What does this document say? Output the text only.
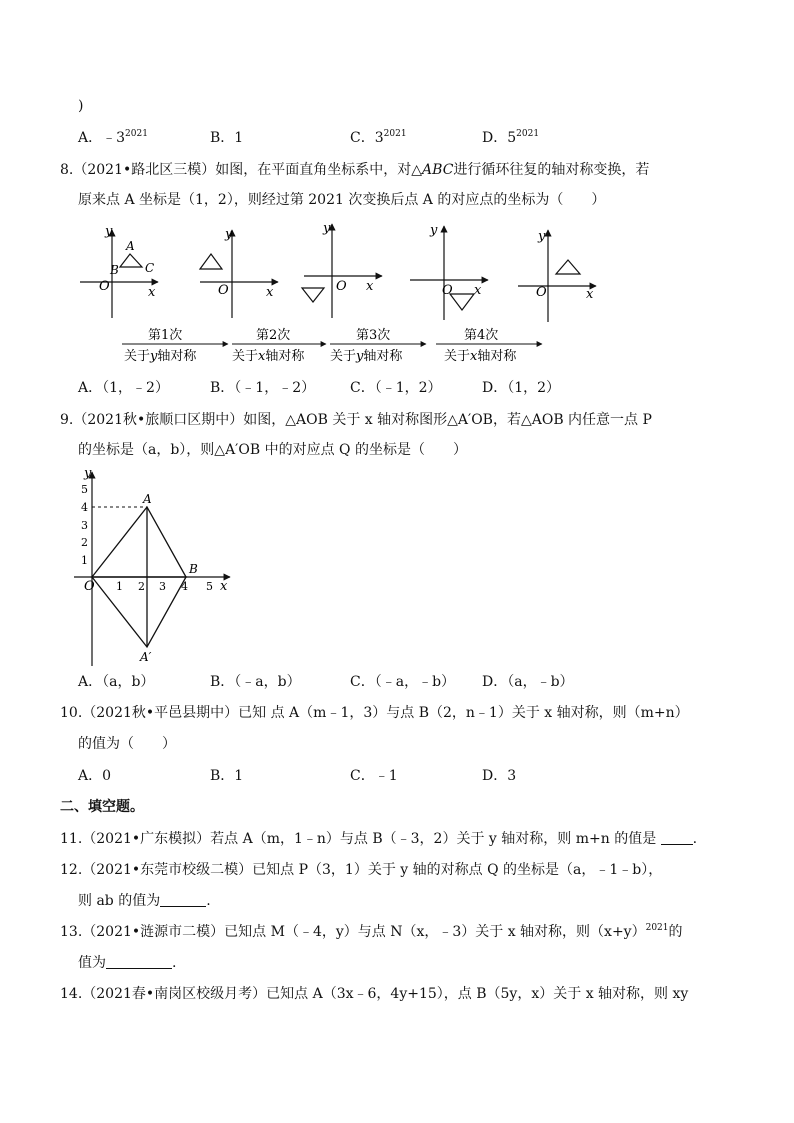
)
A．$﹣3^{2021}$	B．1	C．$3^{2021}$	D．$5^{2021}$
8.（2021•路北区三模）如图，在平面直角坐标系中，对△ABC进行循环往复的轴对称变换，若
原来点 A 坐标是（1，2），则经过第 2021 次变换后点 A 的对应点的坐标为（　　）
y
x
O
A
B C
y
x
O
y
x
O
y
x
O
y
x
O
第1次	第2次	第3次	第4次
关于y轴对称	关于x轴对称 关于y轴对称	关于x轴对称
A．（1，﹣2）	B．（﹣1，﹣2） C．（﹣1，2）	D．（1，2）
9.（2021秋•旅顺口区期中）如图，△AOB 关于 x 轴对称图形△A′OB，若△AOB 内任意一点 P
的坐标是（a，b），则△A′OB 中的对应点 Q 的坐标是（　　）
1 2 3 4 5
1
2
3
4
5
y
x
O
A
B
A′
A．（a，b）	B．（﹣a，b）	C．（﹣a，﹣b） D．（a，﹣b）
10.（2021秋•平邑县期中）已知 点 A（m﹣1，3）与点 B（2，n﹣1）关于 x 轴对称，则（m+n）
的值为（　　）
A．0	B．1	C．﹣1	D．3
二、填空题。
11.（2021•广东模拟）若点 A（m，1﹣n）与点 B（﹣3，2）关于 y 轴对称，则 m+n 的值是	.
12.（2021•东莞市校级二模）已知点 P（3，1）关于 y 轴的对称点 Q 的坐标是（a，﹣1﹣b），
则 ab 的值为	.
13.（2021•涟源市二模）已知点 M（﹣4，y）与点 N（x，﹣3）关于 x 轴对称，则$(x+y)^{2021}$的
值为	.
14.（2021春•南岗区校级月考）已知点 A（3x﹣6，4y+15），点 B（5y，x）关于 x 轴对称，则 xy
